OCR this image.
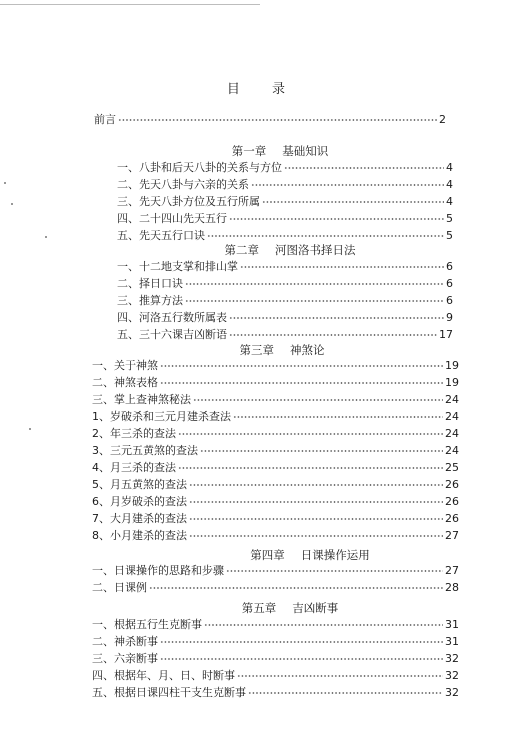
目 录
前言	2
第一章 基础知识
一、八卦和后天八卦的关系与方位	4
二、先天八卦与六亲的关系	4
三、先天八卦方位及五行所属	4
四、二十四山先天五行	5
五、先天五行口诀	5
第二章 河图洛书择日法
一、十二地支掌和排山掌	6
二、择日口诀	6
三、推算方法	6
四、河洛五行数所属表	9
五、三十六课吉凶断语	17
第三章 神煞论
一、关于神煞	19
二、神煞表格	19
三、掌上查神煞秘法	24
1、岁破杀和三元月建杀查法	24
2、年三杀的查法	24
3、三元五黄煞的查法	24
4、月三杀的查法	25
5、月五黄煞的查法	26
6、月岁破杀的查法	26
7、大月建杀的查法	26
8、小月建杀的查法	27
第四章 日课操作运用
一、日课操作的思路和步骤	27
二、日课例	28
第五章 吉凶断事
一、根据五行生克断事	31
二、神杀断事	31
三、六亲断事	32
四、根据年、月、日、时断事	32
五、根据日课四柱干支生克断事	32
